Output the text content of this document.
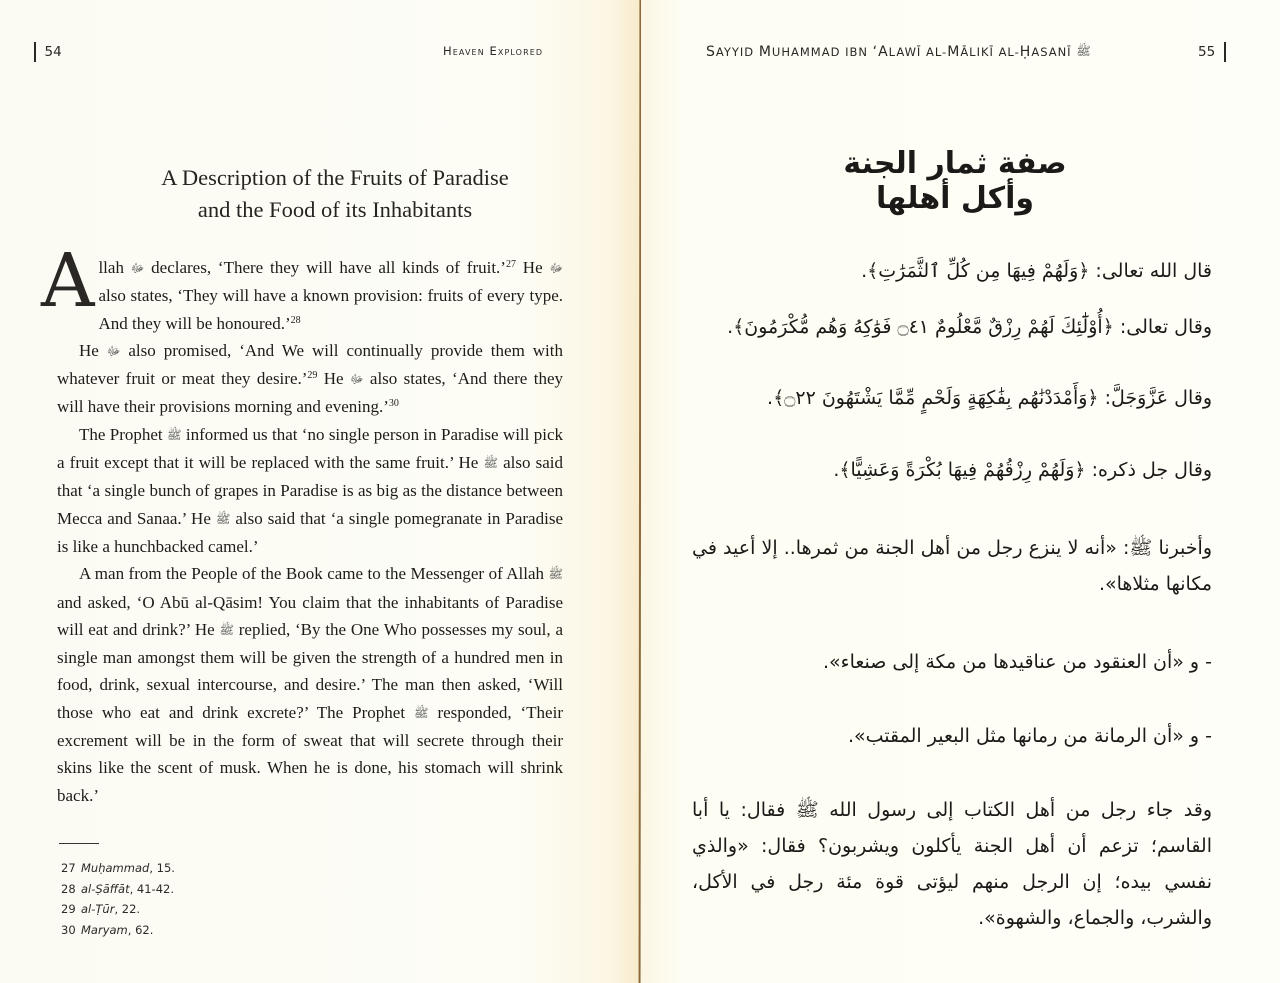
54	Heaven Explored
A Description of the Fruits of Paradise
and the Food of its Inhabitants

Allah ﷻ declares, ‘There they will have all kinds of fruit.’$^{27}$ He ﷻ also states, ‘They will have a known provision: fruits of every type. And they will be honoured.’$^{28}$

He ﷻ also promised, ‘And We will continually provide them with whatever fruit or meat they desire.’$^{29}$ He ﷻ also states, ‘And there they will have their provisions morning and evening.’$^{30}$

The Prophet ﷺ informed us that ‘no single person in Paradise will pick a fruit except that it will be replaced with the same fruit.’ He ﷺ also said that ‘a single bunch of grapes in Paradise is as big as the distance between Mecca and Sanaa.’ He ﷺ also said that ‘a single pomegranate in Paradise is like a hunchbacked camel.’

A man from the People of the Book came to the Messenger of Allah ﷺ and asked, ‘O Abū al-Qāsim! You claim that the inhabitants of Paradise will eat and drink?’ He ﷺ replied, ‘By the One Who possesses my soul, a single man amongst them will be given the strength of a hundred men in food, drink, sexual intercourse, and desire.’ The man then asked, ‘Will those who eat and drink excrete?’ The Prophet ﷺ responded, ‘Their excrement will be in the form of sweat that will secrete through their skins like the scent of musk. When he is done, his stomach will shrink back.’

27 Muḥammad , 15.
28 al-Ṣāffāt , 41-42.
29 al-Ṭūr , 22.
30 Maryam , 62.
SAYYID MUHAMMAD IBN ‘ALAWĪ AL-MĀLIKĪ AL-ḤASANĪ ﷺ	55
صفة ثمار الجنة وأكل أهلها
قال الله تعالى: ﴿وَلَهُمْ فِيهَا مِن كُلِّ ٱلثَّمَرَٰتِ﴾.
وقال تعالى: ﴿أُوْلَٰٓئِكَ لَهُمْ رِزْقٌ مَّعْلُومٌ ۝٤١ فَوَٰكِهُ وَهُم مُّكْرَمُونَ﴾.
وقال عَزَّوَجَلَّ: ﴿وَأَمْدَدْنَٰهُم بِفَٰكِهَةٍ وَلَحْمٍ مِّمَّا يَشْتَهُونَ ۝٢٢﴾.
وقال جل ذكره: ﴿وَلَهُمْ رِزْقُهُمْ فِيهَا بُكْرَةً وَعَشِيًّا﴾.
وأخبرنا ﷺ: «أنه لا ينزع رجل من أهل الجنة من ثمرها.. إلا أعيد في مكانها مثلاها».
- و «أن العنقود من عناقيدها من مكة إلى صنعاء».
- و «أن الرمانة من رمانها مثل البعير المقتب».
وقد جاء رجل من أهل الكتاب إلى رسول الله ﷺ فقال: يا أبا القاسم؛ تزعم أن أهل الجنة يأكلون ويشربون؟ فقال: «والذي نفسي بيده؛ إن الرجل منهم ليؤتى قوة مئة رجل في الأكل، والشرب، والجماع، والشهوة».
